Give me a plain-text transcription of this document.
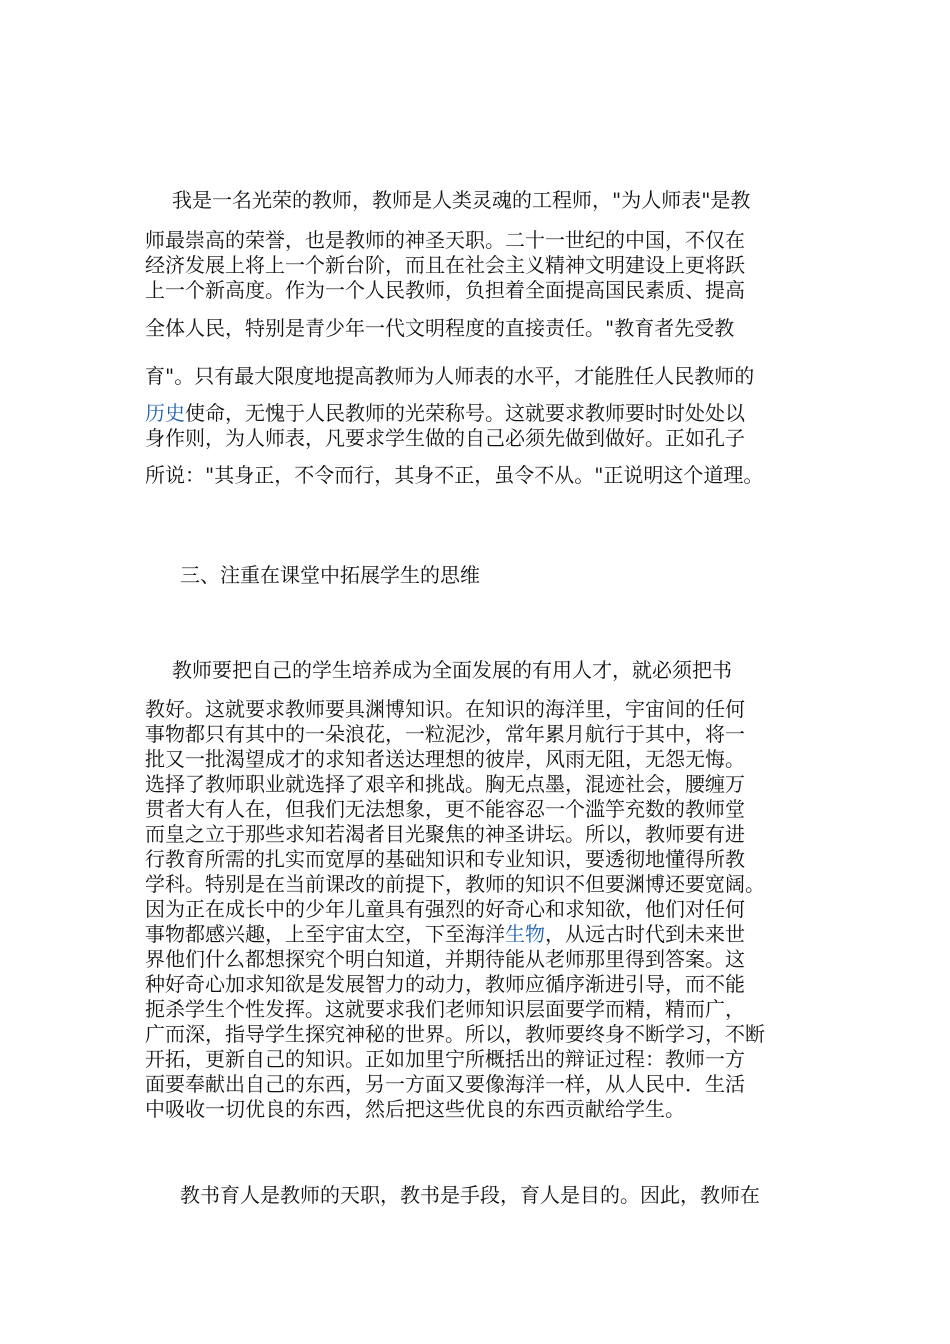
我是一名光荣的教师，教师是人类灵魂的工程师，"为人师表"是教
师最崇高的荣誉，也是教师的神圣天职。二十一世纪的中国，不仅在
经济发展上将上一个新台阶，而且在社会主义精神文明建设上更将跃
上一个新高度。作为一个人民教师，负担着全面提高国民素质、提高
全体人民，特别是青少年一代文明程度的直接责任。"教育者先受教
育"。只有最大限度地提高教师为人师表的水平，才能胜任人民教师的
历史使命，无愧于人民教师的光荣称号。这就要求教师要时时处处以
身作则，为人师表，凡要求学生做的自己必须先做到做好。正如孔子
所说："其身正，不令而行，其身不正，虽令不从。"正说明这个道理。
三、注重在课堂中拓展学生的思维
教师要把自己的学生培养成为全面发展的有用人才，就必须把书
教好。这就要求教师要具渊博知识。在知识的海洋里，宇宙间的任何
事物都只有其中的一朵浪花，一粒泥沙，常年累月航行于其中，将一
批又一批渴望成才的求知者送达理想的彼岸，风雨无阻，无怨无悔。
选择了教师职业就选择了艰辛和挑战。胸无点墨，混迹社会，腰缠万
贯者大有人在，但我们无法想象，更不能容忍一个滥竽充数的教师堂
而皇之立于那些求知若渴者目光聚焦的神圣讲坛。所以，教师要有进
行教育所需的扎实而宽厚的基础知识和专业知识，要透彻地懂得所教
学科。特别是在当前课改的前提下，教师的知识不但要渊博还要宽阔。
因为正在成长中的少年儿童具有强烈的好奇心和求知欲，他们对任何
事物都感兴趣，上至宇宙太空，下至海洋生物，从远古时代到未来世
界他们什么都想探究个明白知道，并期待能从老师那里得到答案。这
种好奇心加求知欲是发展智力的动力，教师应循序渐进引导，而不能
扼杀学生个性发挥。这就要求我们老师知识层面要学而精，精而广，
广而深，指导学生探究神秘的世界。所以，教师要终身不断学习，不断
开拓，更新自己的知识。正如加里宁所概括出的辩证过程：教师一方
面要奉献出自己的东西，另一方面又要像海洋一样，从人民中．生活
中吸收一切优良的东西，然后把这些优良的东西贡献给学生。
教书育人是教师的天职，教书是手段，育人是目的。因此，教师在
